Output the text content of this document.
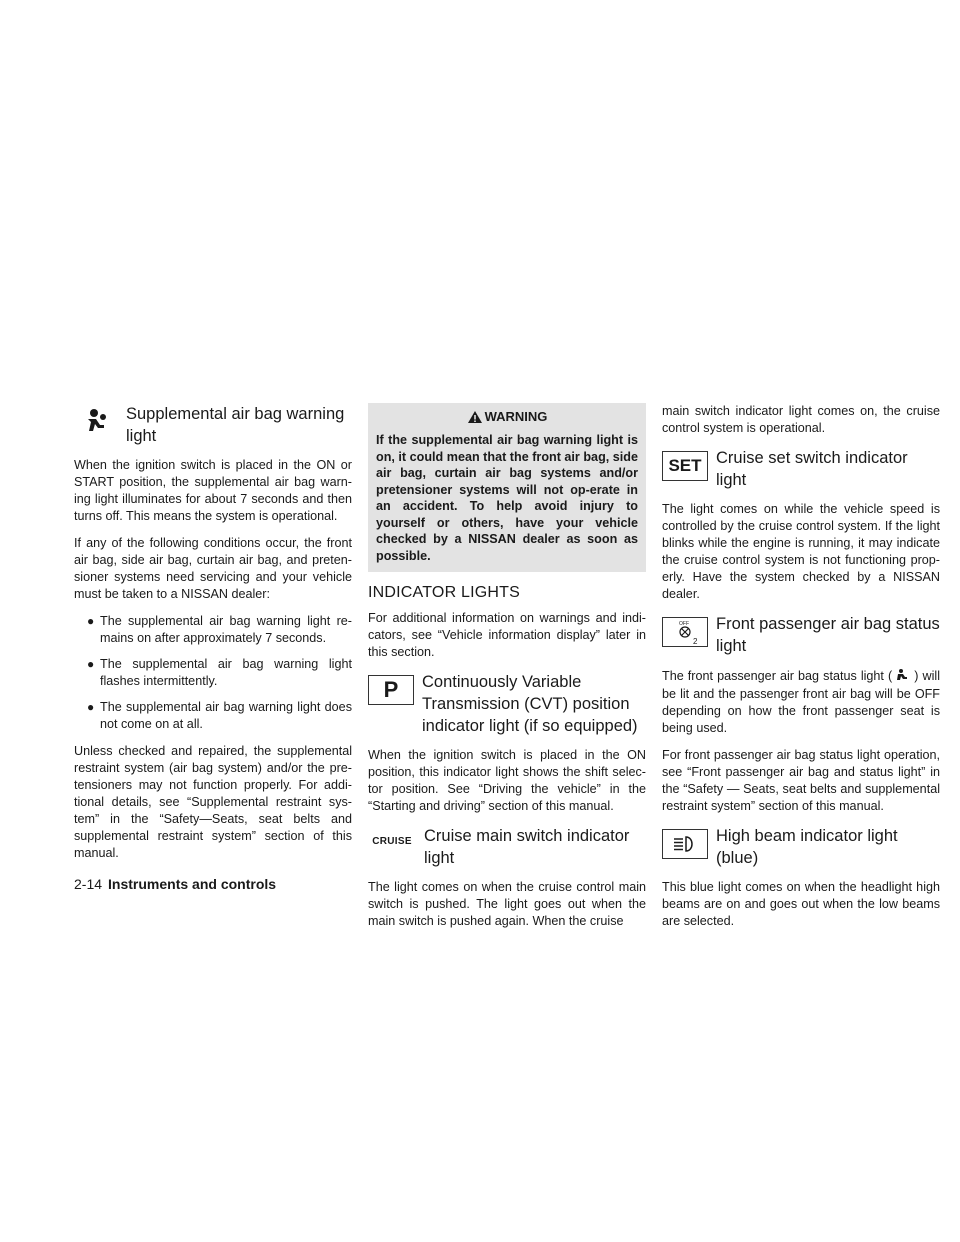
Supplemental air bag warning light

When the ignition switch is placed in the ON or START position, the supplemental air bag warn-ing light illuminates for about 7 seconds and then turns off. This means the system is operational.

If any of the following conditions occur, the front air bag, side air bag, curtain air bag, and preten-sioner systems need servicing and your vehicle must be taken to a NISSAN dealer:

● The supplemental air bag warning light re-mains on after approximately 7 seconds.
● The supplemental air bag warning light flashes intermittently.
● The supplemental air bag warning light does not come on at all.

Unless checked and repaired, the supplemental restraint system (air bag system) and/or the pre-tensioners may not function properly. For addi-tional details, see “Supplemental restraint sys-tem” in the “Safety—Seats, seat belts and supplemental restraint system” section of this manual.

WARNING

If the supplemental air bag warning light is on, it could mean that the front air bag, side air bag, curtain air bag systems and/or pretensioner systems will not op-erate in an accident. To help avoid injury to yourself or others, have your vehicle checked by a NISSAN dealer as soon as possible.

INDICATOR LIGHTS

For additional information on warnings and indi-cators, see “Vehicle information display” later in this section.

P Continuously Variable Transmission (CVT) position indicator light (if so equipped)

When the ignition switch is placed in the ON position, this indicator light shows the shift selec-tor position. See “Driving the vehicle” in the “Starting and driving” section of this manual.

CRUISE Cruise main switch indicator light

The light comes on when the cruise control main switch is pushed. The light goes out when the main switch is pushed again. When the cruise

main switch indicator light comes on, the cruise control system is operational.

SET Cruise set switch indicator light

The light comes on while the vehicle speed is controlled by the cruise control system. If the light blinks while the engine is running, it may indicate the cruise control system is not functioning prop-erly. Have the system checked by a NISSAN dealer.

OFF
2
Front passenger air bag status light

The front passenger air bag status light ( ) will be lit and the passenger front air bag will be OFF depending on how the front passenger seat is being used.

For front passenger air bag status light operation, see “Front passenger air bag and status light” in the “Safety — Seats, seat belts and supplemental restraint system” section of this manual.

High beam indicator light (blue)

This blue light comes on when the headlight high beams are on and goes out when the low beams are selected.

2-14 Instruments and controls
